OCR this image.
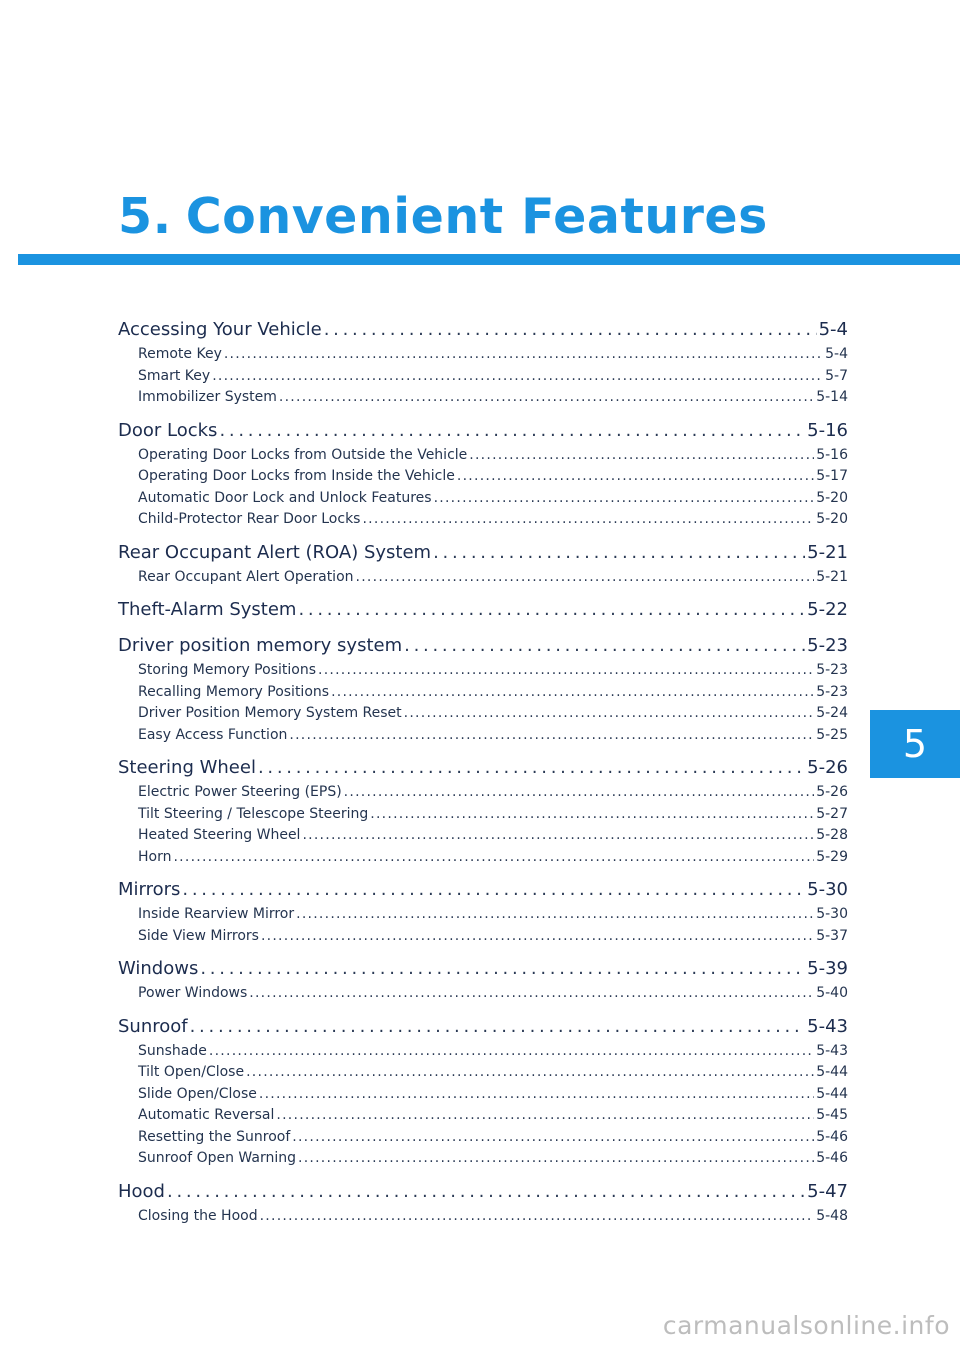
5. Convenient Features
Accessing Your Vehicle . . .	5-4
Remote Key . . .	5-4
Smart Key . . .	5-7
Immobilizer System . . .	5-14
Door Locks . . .	5-16
Operating Door Locks from Outside the Vehicle . . .	5-16
Operating Door Locks from Inside the Vehicle . . .	5-17
Automatic Door Lock and Unlock Features . . .	5-20
Child-Protector Rear Door Locks . . .	5-20
Rear Occupant Alert (ROA) System . . .	5-21
Rear Occupant Alert Operation . . .	5-21
Theft-Alarm System . . .	5-22
Driver position memory system . . .	5-23
Storing Memory Positions . . .	5-23
Recalling Memory Positions . . .	5-23
Driver Position Memory System Reset . . .	5-24
Easy Access Function . . .	5-25
Steering Wheel . . .	5-26
Electric Power Steering (EPS) . . .	5-26
Tilt Steering / Telescope Steering . . .	5-27
Heated Steering Wheel . . .	5-28
Horn . . .	5-29
Mirrors . . .	5-30
Inside Rearview Mirror . . .	5-30
Side View Mirrors . . .	5-37
Windows . . .	5-39
Power Windows . . .	5-40
Sunroof . . .	5-43
Sunshade . . .	5-43
Tilt Open/Close . . .	5-44
Slide Open/Close . . .	5-44
Automatic Reversal . . .	5-45
Resetting the Sunroof . . .	5-46
Sunroof Open Warning . . .	5-46
Hood . . .	5-47
Closing the Hood . . .	5-48
5
carmanualsonline.info
